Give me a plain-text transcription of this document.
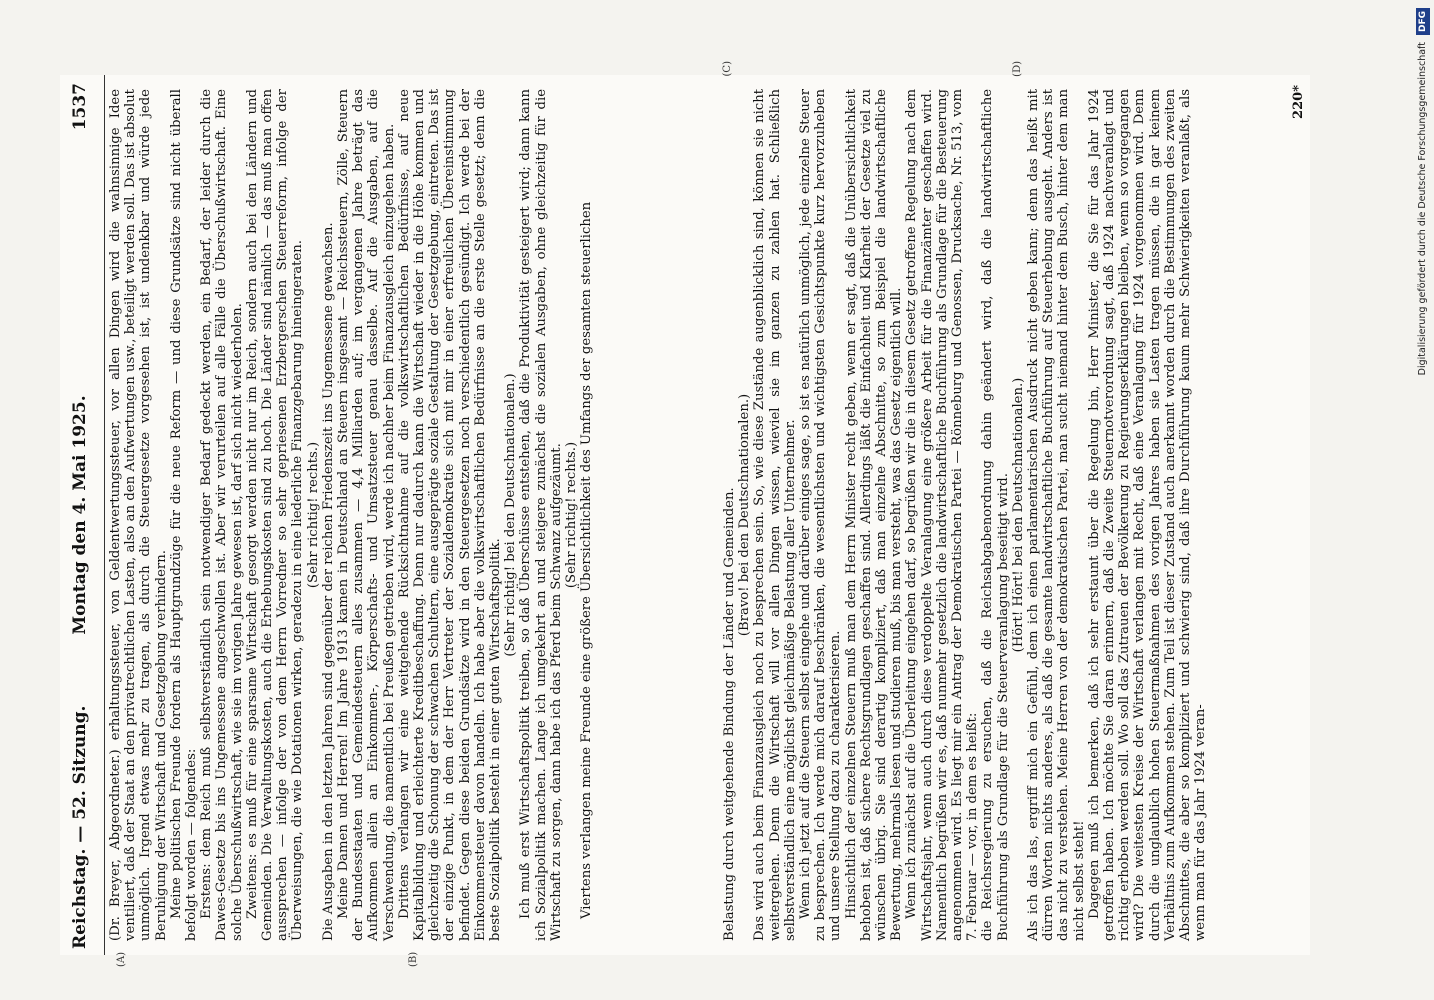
Reichstag. — 52. Sitzung.
Montag den 4. Mai 1925.
1537
(A)	(B)

(Dr. Breyer, Abgeordneter.) erhaltungssteuer, von Geldentwertungssteuer, vor allen Dingen wird die wahnsinnige Idee ventiliert, daß der Staat an den privatrechtlichen Lasten, also an den Aufwertungen usw., beteiligt werden soll. Das ist absolut unmöglich. Irgend etwas mehr zu tragen, als durch die Steuergesetze vorgesehen ist, ist undenkbar und würde jede Beruhigung der Wirtschaft und Gesetzgebung verhindern. Meine politischen Freunde fordern als Hauptgrundzüge für die neue Reform — und diese Grundsätze sind nicht überall befolgt worden — folgendes: Erstens: dem Reich muß selbstverständlich sein notwendiger Bedarf gedeckt werden, ein Bedarf, der leider durch die Dawes-Gesetze bis ins Ungemessene angeschwollen ist. Aber wir verurteilen auf alle Fälle die Überschußwirtschaft. Eine solche Überschußwirtschaft, wie sie im vorigen Jahre gewesen ist, darf sich nicht wiederholen. Zweitens: es muß für eine sparsame Wirtschaft gesorgt werden nicht nur im Reich, sondern auch bei den Ländern und Gemeinden. Die Verwaltungskosten, auch die Erhebungskosten sind zu hoch. Die Länder sind nämlich — das muß man offen aussprechen — infolge der von dem Herrn Vorredner so sehr gepriesenen Erzbergerschen Steuerreform, infolge der Überweisungen, die wie Dotationen wirken, geradezu in eine liederliche Finanzgebarung hineingeraten. (Sehr richtig! rechts.) Die Ausgaben in den letzten Jahren sind gegenüber der reichen Friedenszeit ins Ungemessene gewachsen. Meine Damen und Herren! Im Jahre 1913 kamen in Deutschland an Steuern insgesamt — Reichssteuern, Zölle, Steuern der Bundesstaaten und Gemeindesteuern alles zusammen — 4,4 Milliarden auf; im vergangenen Jahre beträgt das Aufkommen allein an Einkommen-, Körperschafts- und Umsatzsteuer genau dasselbe. Auf die Ausgaben, auf die Verschwendung, die namentlich bei Preußen getrieben wird, werde ich nachher beim Finanzausgleich einzugehen haben. Drittens verlangen wir eine weitgehende Rücksichtnahme auf die volkswirtschaftlichen Bedürfnisse, auf neue Kapitalbildung und erleichterte Kreditbeschaffung. Denn nur dadurch kann die Wirtschaft wieder in die Höhe kommen und gleichzeitig die Schonung der schwachen Schultern, eine ausgeprägte soziale Gestaltung der Gesetzgebung, eintreten. Das ist der einzige Punkt, in dem der Herr Vertreter der Sozialdemokratie sich mit mir in einer erfreulichen Übereinstimmung befindet. Gegen diese beiden Grundsätze wird in den Steuergesetzen noch verschiedentlich gesündigt. Ich werde bei der Einkommensteuer davon handeln. Ich habe aber die volkswirtschaftlichen Bedürfnisse an die erste Stelle gesetzt; denn die beste Sozialpolitik besteht in einer guten Wirtschaftspolitik.

(Sehr richtig! bei den Deutschnationalen.) Ich muß erst Wirtschaftspolitik treiben, so daß Überschüsse entstehen, daß die Produktivität gesteigert wird; dann kann ich Sozialpolitik machen. Lange ich umgekehrt an und steigere zunächst die sozialen Ausgaben, ohne gleichzeitig für die Wirtschaft zu sorgen, dann habe ich das Pferd beim Schwanz aufgezäumt. (Sehr richtig! rechts.) Viertens verlangen meine Freunde eine größere Übersichtlichkeit des Umfangs der gesamten steuerlichen

(C)	(D)

Belastung durch weitgehende Bindung der Länder und Gemeinden. (Bravo! bei den Deutschnationalen.) Das wird auch beim Finanzausgleich noch zu besprechen sein. So, wie diese Zustände augenblicklich sind, können sie nicht weitergehen. Denn die Wirtschaft will vor allen Dingen wissen, wieviel sie im ganzen zu zahlen hat. Schließlich selbstverständlich eine möglichst gleichmäßige Belastung aller Unternehmer. Wenn ich jetzt auf die Steuern selbst eingehe und darüber einiges sage, so ist es natürlich unmöglich, jede einzelne Steuer zu besprechen. Ich werde mich darauf beschränken, die wesentlichsten und wichtigsten Gesichtspunkte kurz hervorzuheben und unsere Stellung dazu zu charakterisieren. Hinsichtlich der einzelnen Steuern muß man dem Herrn Minister recht geben, wenn er sagt, daß die Unübersichtlichkeit behoben ist, daß sichere Rechtsgrundlagen geschaffen sind. Allerdings läßt die Einfachheit und Klarheit der Gesetze viel zu wünschen übrig. Sie sind derartig kompliziert, daß man einzelne Abschnitte, so zum Beispiel die landwirtschaftliche Bewertung, mehrmals lesen und studieren muß, bis man versteht, was das Gesetz eigentlich will. Wenn ich zunächst auf die Überleitung eingehen darf, so begrüßen wir die in diesem Gesetz getroffene Regelung nach dem Wirtschaftsjahr, wenn auch durch diese verdoppelte Veranlagung eine größere Arbeit für die Finanzämter geschaffen wird. Namentlich begrüßen wir es, daß nunmehr gesetzlich die landwirtschaftliche Buchführung als Grundlage für die Besteuerung angenommen wird. Es liegt mir ein Antrag der Demokratischen Partei — Rönneburg und Genossen, Drucksache, Nr. 513, vom 7. Februar — vor, in dem es heißt: die Reichsregierung zu ersuchen, daß die Reichsabgabenordnung dahin geändert wird, daß die landwirtschaftliche Buchführung als Grundlage für die Steuerveranlagung beseitigt wird. (Hört! Hört! bei den Deutschnationalen.) Als ich das las, ergriff mich ein Gefühl, dem ich einen parlamentarischen Ausdruck nicht geben kann; denn das heißt mit dürren Worten nichts anderes, als daß die gesamte landwirtschaftliche Buchführung auf Steuerhebung ausgeht. Anders ist das nicht zu verstehen. Meine Herren von der demokratischen Partei, man sucht niemand hinter dem Busch, hinter dem man nicht selbst steht! Dagegen muß ich bemerken, daß ich sehr erstaunt über die Regelung bin, Herr Minister, die Sie für das Jahr 1924 getroffen haben. Ich möchte Sie daran erinnern, daß die Zweite Steuernotverordnung sagt, daß 1924 nachveranlagt und richtig erhoben werden soll. Wo soll das Zutrauen der Bevölkerung zu Regierungserklärungen bleiben, wenn so vorgegangen wird? Die weitesten Kreise der Wirtschaft verlangen mit Recht, daß eine Veranlagung für 1924 vorgenommen wird. Denn durch die unglaublich hohen Steuermaßnahmen des vorigen Jahres haben sie Lasten tragen müssen, die in gar keinem Verhältnis zum Aufkommen stehen. Zum Teil ist dieser Zustand auch anerkannt worden durch die Bestimmungen des zweiten Abschnittes, die aber so kompliziert und schwierig sind, daß ihre Durchführung kaum mehr Schwierigkeiten veranlaßt, als wenn man für das Jahr 1924 veran-

220*	Digitalisierung gefördert durch die Deutsche Forschungsgemeinschaft DFG
